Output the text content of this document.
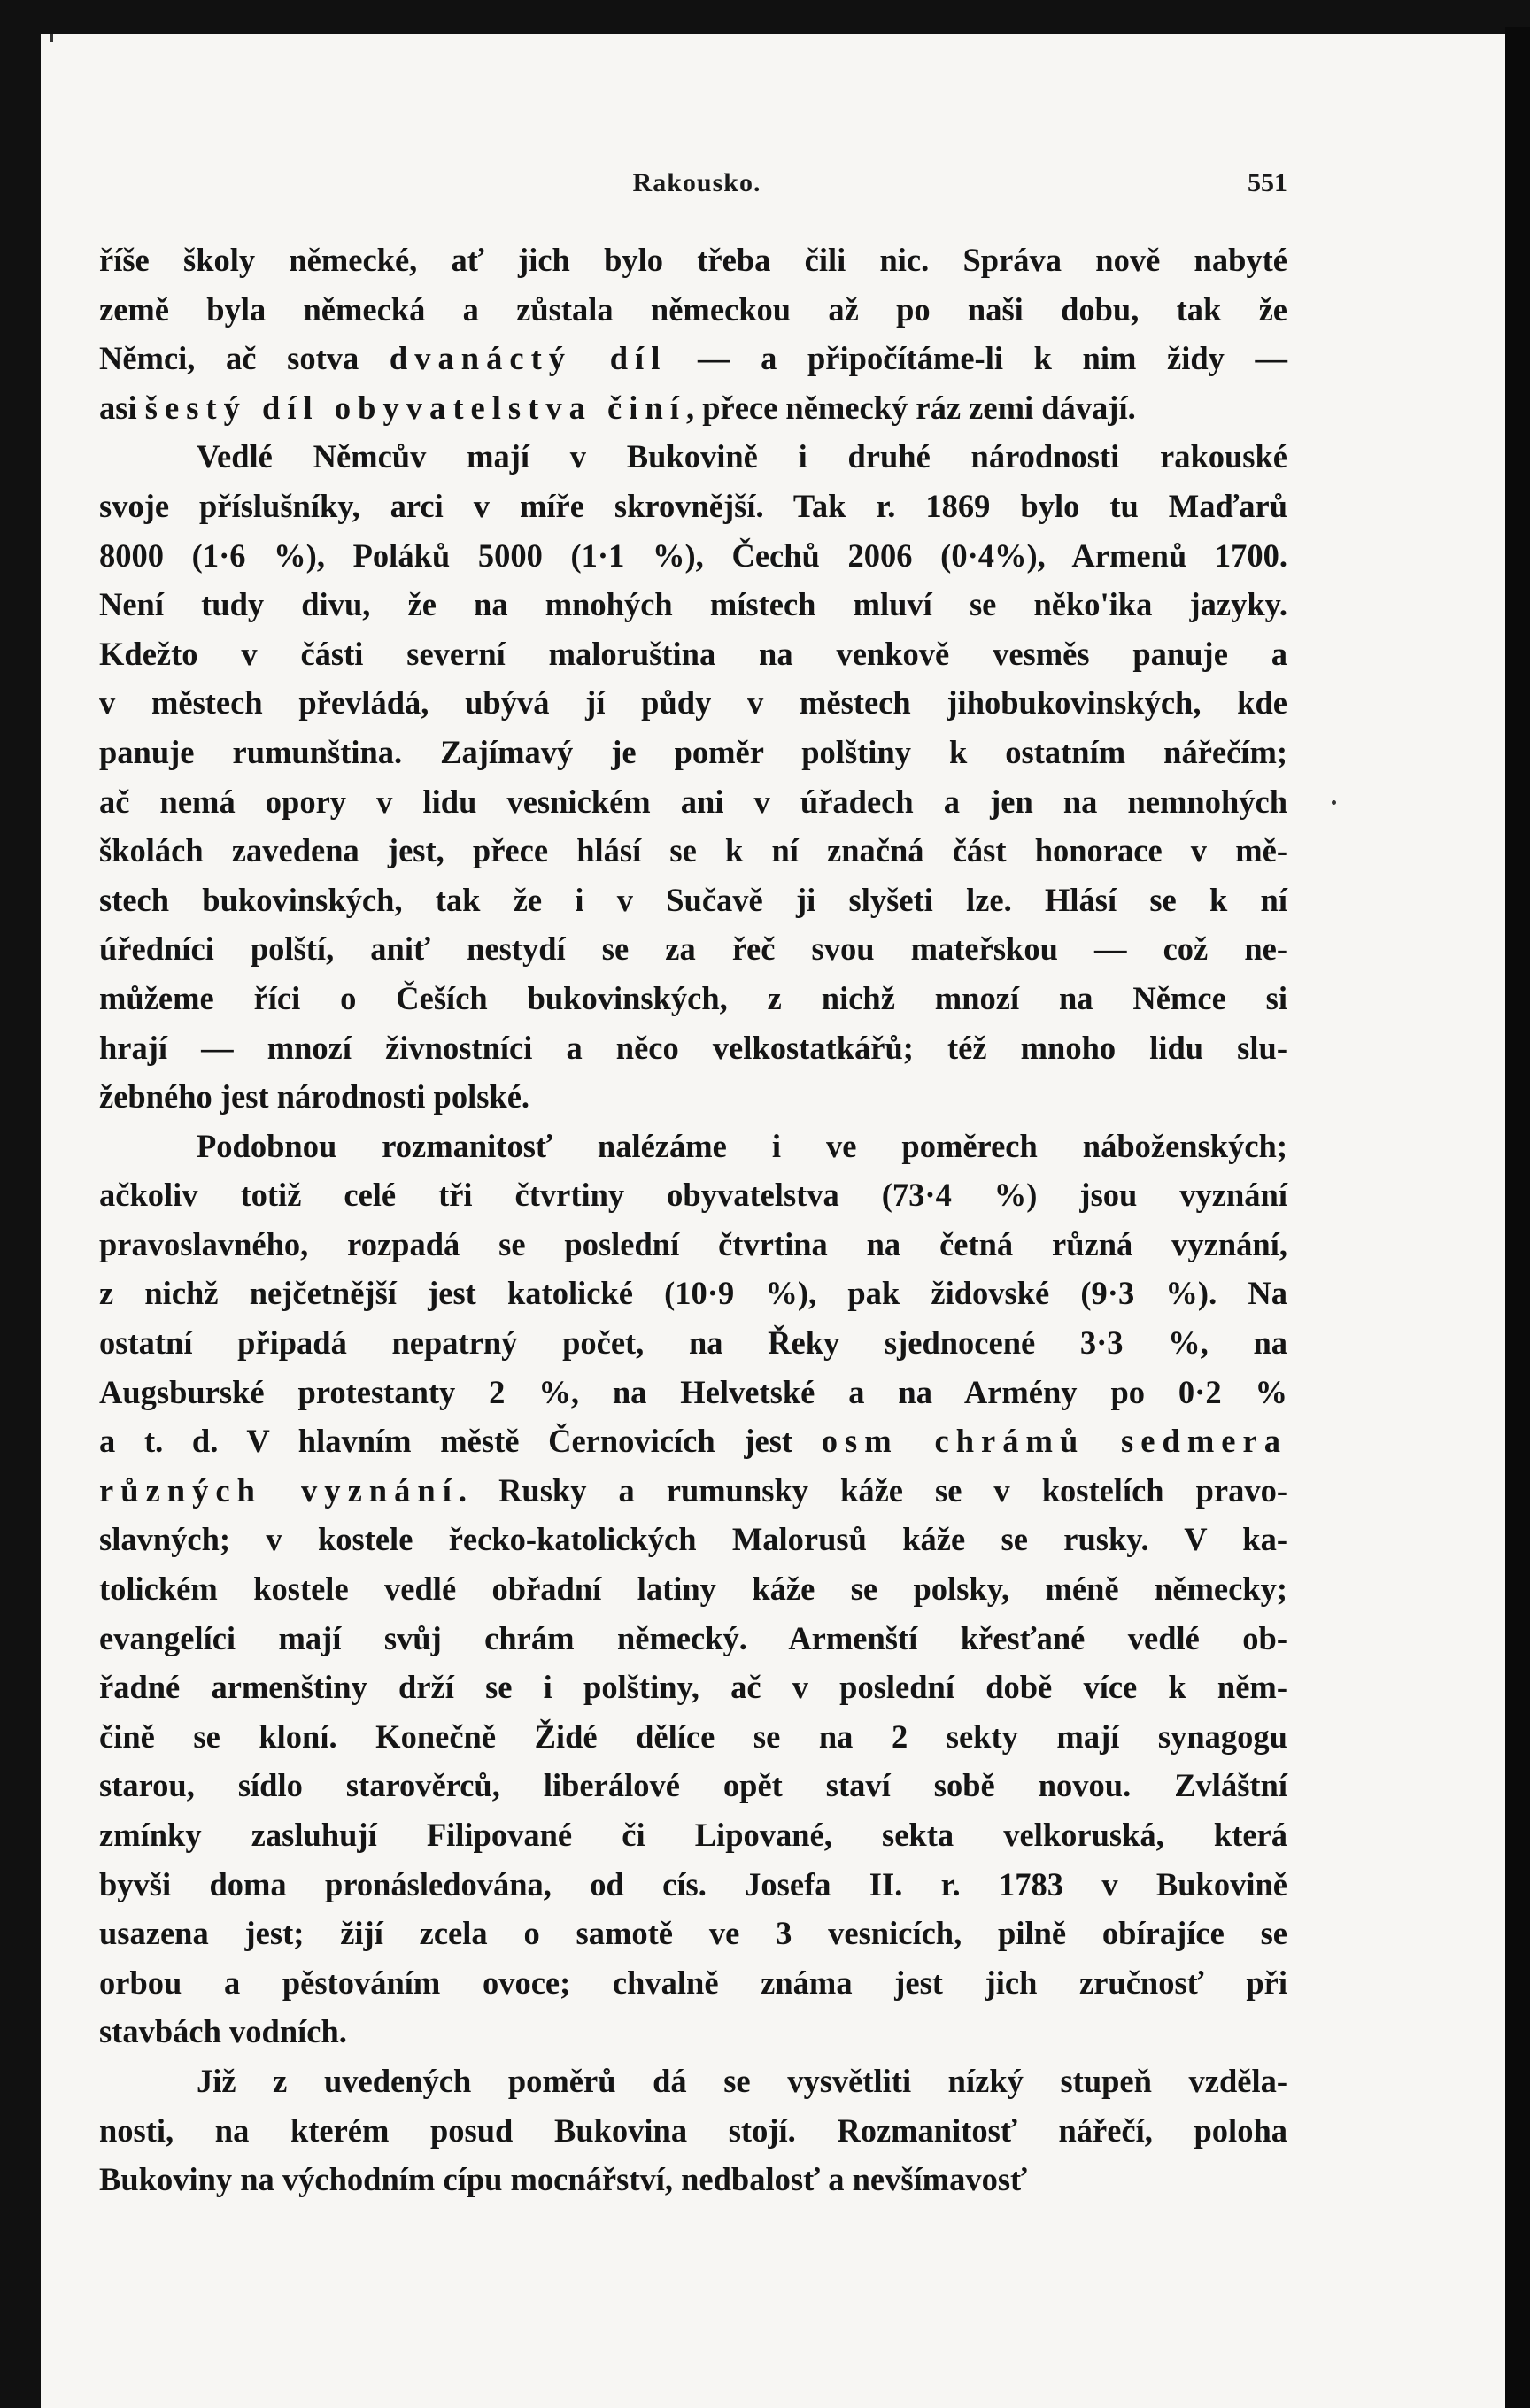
Rakousko.	551

říše školy německé, ať jich bylo třeba čili nic. Správa nově nabyté
země byla německá a zůstala německou až po naši dobu, tak že
Němci, ač sotva dvanáctý díl — a připočítáme-li k nim židy —
asi šestý díl obyvatelstva činí, přece německý ráz zemi dávají.

Vedlé Němcův mají v Bukovině i druhé národnosti rakouské
svoje příslušníky, arci v míře skrovnější. Tak r. 1869 bylo tu Maďarů
8000 (1·6 %), Poláků 5000 (1·1 %), Čechů 2006 (0·4%), Armenů 1700.
Není tudy divu, že na mnohých místech mluví se něko'ika jazyky.
Kdežto v části severní maloruština na venkově vesměs panuje a
v městech převládá, ubývá jí půdy v městech jihobukovinských, kde
panuje rumunština. Zajímavý je poměr polštiny k ostatním nářečím;
ač nemá opory v lidu vesnickém ani v úřadech a jen na nemnohých
školách zavedena jest, přece hlásí se k ní značná část honorace v mě-
stech bukovinských, tak že i v Sučavě ji slyšeti lze. Hlásí se k ní
úředníci polští, aniť nestydí se za řeč svou mateřskou — což ne-
můžeme říci o Češích bukovinských, z nichž mnozí na Němce si
hrají — mnozí živnostníci a něco velkostatkářů; též mnoho lidu slu-
žebného jest národnosti polské.

Podobnou rozmanitosť nalézáme i ve poměrech náboženských;
ačkoliv totiž celé tři čtvrtiny obyvatelstva (73·4 %) jsou vyznání
pravoslavného, rozpadá se poslední čtvrtina na četná různá vyznání,
z nichž nejčetnější jest katolické (10·9 %), pak židovské (9·3 %). Na
ostatní připadá nepatrný počet, na Řeky sjednocené 3·3 %, na
Augsburské protestanty 2 %, na Helvetské a na Armény po 0·2 %
a t. d. V hlavním městě Černovicích jest osm chrámů sedmera
různých vyznání. Rusky a rumunsky káže se v kostelích pravo-
slavných; v kostele řecko-katolických Malorusů káže se rusky. V ka-
tolickém kostele vedlé obřadní latiny káže se polsky, méně německy;
evangelíci mají svůj chrám německý. Armenští křesťané vedlé ob-
řadné armenštiny drží se i polštiny, ač v poslední době více k něm-
čině se kloní. Konečně Židé dělíce se na 2 sekty mají synagogu
starou, sídlo starověrců, liberálové opět staví sobě novou. Zvláštní
zmínky zasluhují Filipované či Lipované, sekta velkoruská, která
byvši doma pronásledována, od cís. Josefa II. r. 1783 v Bukovině
usazena jest; žijí zcela o samotě ve 3 vesnicích, pilně obírajíce se
orbou a pěstováním ovoce; chvalně známa jest jich zručnosť při
stavbách vodních.

Již z uvedených poměrů dá se vysvětliti nízký stupeň vzděla-
nosti, na kterém posud Bukovina stojí. Rozmanitosť nářečí, poloha
Bukoviny na východním cípu mocnářství, nedbalosť a nevšímavosť
